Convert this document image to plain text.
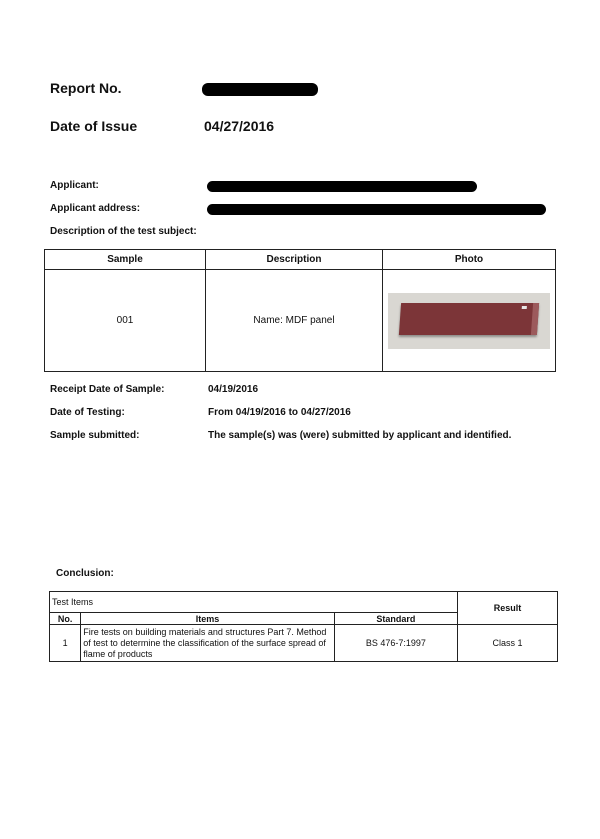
Report No.
Date of Issue	04/27/2016
Applicant:
Applicant address:
Description of the test subject:
Sample	Description	Photo
001	Name: MDF panel	
Receipt Date of Sample:	04/19/2016
Date of Testing:	From 04/19/2016 to 04/27/2016
Sample submitted:	The sample(s) was (were) submitted by applicant and identified.
Conclusion:
Test Items			Result
No.	Items	Standard	
1	Fire tests on building materials and structures Part 7. Method of test to determine the classification of the surface spread of flame of products	BS 476-7:1997	Class 1
